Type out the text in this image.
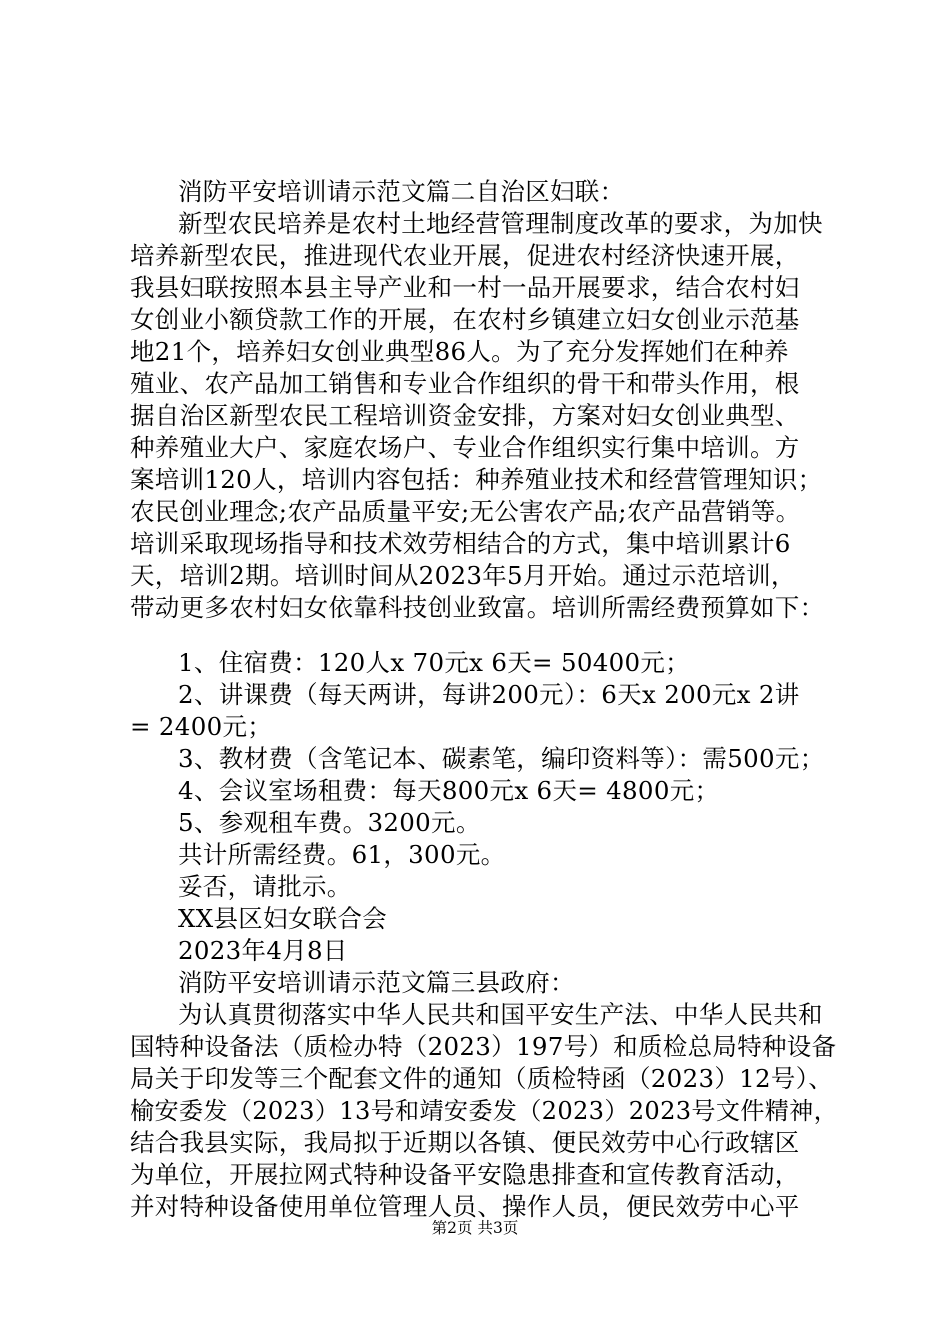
消防平安培训请示范文篇二自治区妇联：
新型农民培养是农村土地经营管理制度改革的要求，为加快
培养新型农民，推进现代农业开展，促进农村经济快速开展，
我县妇联按照本县主导产业和一村一品开展要求，结合农村妇
女创业小额贷款工作的开展，在农村乡镇建立妇女创业示范基
地21个，培养妇女创业典型86人。为了充分发挥她们在种养
殖业、农产品加工销售和专业合作组织的骨干和带头作用，根
据自治区新型农民工程培训资金安排，方案对妇女创业典型、
种养殖业大户、家庭农场户、专业合作组织实行集中培训。方
案培训120人，培训内容包括：种养殖业技术和经营管理知识；
农民创业理念;农产品质量平安;无公害农产品;农产品营销等。
培训采取现场指导和技术效劳相结合的方式，集中培训累计6
天，培训2期。培训时间从2023年5月开始。通过示范培训，
带动更多农村妇女依靠科技创业致富。培训所需经费预算如下：
1、住宿费：120人x 70元x 6天= 50400元；
2、讲课费（每天两讲，每讲200元）：6天x 200元x 2讲
= 2400元；
3、教材费（含笔记本、碳素笔，编印资料等）：需500元；
4、会议室场租费：每天800元x 6天= 4800元；
5、参观租车费。3200元。
共计所需经费。61，300元。
妥否，请批示。
XX县区妇女联合会
2023年4月8日
消防平安培训请示范文篇三县政府：
为认真贯彻落实中华人民共和国平安生产法、中华人民共和
国特种设备法（质检办特（2023）197号）和质检总局特种设备
局关于印发等三个配套文件的通知（质检特函（2023）12号）、
榆安委发（2023）13号和靖安委发（2023）2023号文件精神，
结合我县实际，我局拟于近期以各镇、便民效劳中心行政辖区
为单位，开展拉网式特种设备平安隐患排查和宣传教育活动，
并对特种设备使用单位管理人员、操作人员，便民效劳中心平
第2页 共3页
